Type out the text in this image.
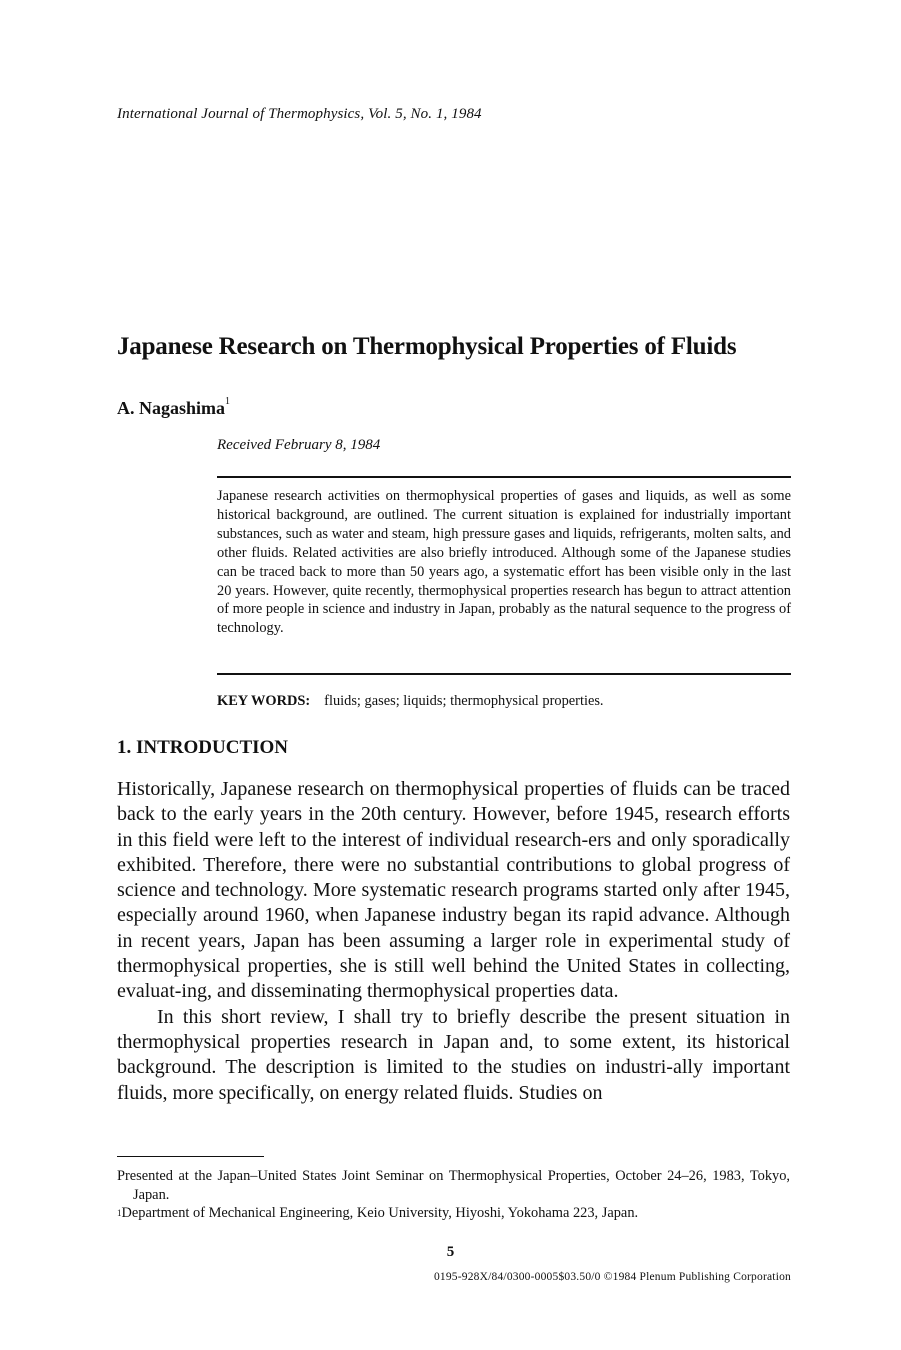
International Journal of Thermophysics, Vol. 5, No. 1, 1984
Japanese Research on Thermophysical Properties of Fluids
A. Nagashima$^1$
Received February 8, 1984

Japanese research activities on thermophysical properties of gases and liquids, as well as some historical background, are outlined. The current situation is explained for industrially important substances, such as water and steam, high pressure gases and liquids, refrigerants, molten salts, and other fluids. Related activities are also briefly introduced. Although some of the Japanese studies can be traced back to more than 50 years ago, a systematic effort has been visible only in the last 20 years. However, quite recently, thermophysical properties research has begun to attract attention of more people in science and industry in Japan, probably as the natural sequence to the progress of technology.

KEY WORDS: fluids; gases; liquids; thermophysical properties.
1. INTRODUCTION

Historically, Japanese research on thermophysical properties of fluids can be traced back to the early years in the 20th century. However, before 1945, research efforts in this field were left to the interest of individual research-ers and only sporadically exhibited. Therefore, there were no substantial contributions to global progress of science and technology. More systematic research programs started only after 1945, especially around 1960, when Japanese industry began its rapid advance. Although in recent years, Japan has been assuming a larger role in experimental study of thermophysical properties, she is still well behind the United States in collecting, evaluat-ing, and disseminating thermophysical properties data.

In this short review, I shall try to briefly describe the present situation in thermophysical properties research in Japan and, to some extent, its historical background. The description is limited to the studies on industri-ally important fluids, more specifically, on energy related fluids. Studies on

Presented at the Japan–United States Joint Seminar on Thermophysical Properties, October 24–26, 1983, Tokyo, Japan.

$^1$Department of Mechanical Engineering, Keio University, Hiyoshi, Yokohama 223, Japan.

5
0195-928X/84/0300-0005$03.50/0 ©1984 Plenum Publishing Corporation
